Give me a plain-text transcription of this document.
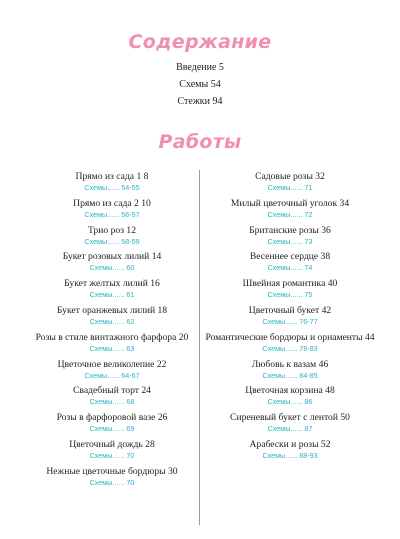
Содержание
Введение 5
Схемы 54
Стежки 94
Работы
Прямо из сада 1 8
Схемы...... 54-55
Прямо из сада 2 10
Схемы...... 56-57
Трио роз 12
Схемы...... 58-59
Букет розовых лилий 14
Схемы...... 60
Букет желтых лилий 16
Схемы...... 61
Букет оранжевых лилий 18
Схемы...... 62
Розы в стиле винтажного фарфора 20
Схемы...... 63
Цветочное великолепие 22
Схемы...... 64-67
Свадебный торт 24
Схемы...... 68
Розы в фарфоровой вазе 26
Схемы...... 69
Цветочный дождь 28
Схемы...... 70
Нежные цветочные бордюры 30
Схемы...... 70
Садовые розы 32
Схемы...... 71
Милый цветочный уголок 34
Схемы...... 72
Британские розы 36
Схемы...... 73
Весеннее сердце 38
Схемы...... 74
Швейная романтика 40
Схемы...... 75
Цветочный букет 42
Схемы...... 76-77
Романтические бордюры и орнаменты 44
Схемы...... 78-83
Любовь к вазам 46
Схемы...... 84-85
Цветочная корзина 48
Схемы...... 86
Сиреневый букет с лентой 50
Схемы...... 87
Арабески и розы 52
Схемы...... 88-93
